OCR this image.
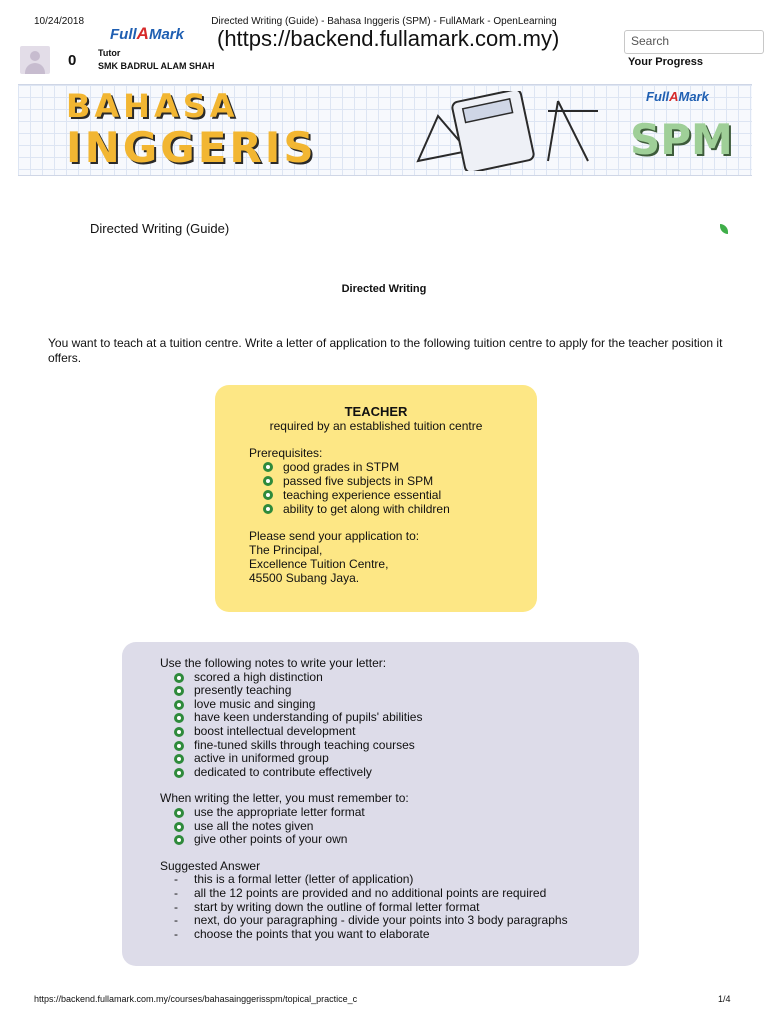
10/24/2018	Directed Writing (Guide) - Bahasa Inggeris (SPM) - FullAMark - OpenLearning
0
FullAMark (https://backend.fullamark.com.my)
Tutor
SMK BADRUL ALAM SHAH
Search
Your Progress
BAHASA
INGGERIS
FullAMark
SPM
Directed Writing (Guide)
Directed Writing
You want to teach at a tuition centre. Write a letter of application to the following tuition centre to apply for the teacher position it offers.
TEACHER
required by an established tuition centre
Prerequisites:
good grades in STPM
passed five subjects in SPM
teaching experience essential
ability to get along with children
Please send your application to:
The Principal,
Excellence Tuition Centre,
45500 Subang Jaya.
Use the following notes to write your letter:
scored a high distinction
presently teaching
love music and singing
have keen understanding of pupils' abilities
boost intellectual development
fine-tuned skills through teaching courses
active in uniformed group
dedicated to contribute effectively
When writing the letter, you must remember to:
use the appropriate letter format
use all the notes given
give other points of your own
Suggested Answer
- this is a formal letter (letter of application)
- all the 12 points are provided and no additional points are required
- start by writing down the outline of formal letter format
- next, do your paragraphing - divide your points into 3 body paragraphs
- choose the points that you want to elaborate
https://backend.fullamark.com.my/courses/bahasainggerisspm/topical_practice_c	1/4
